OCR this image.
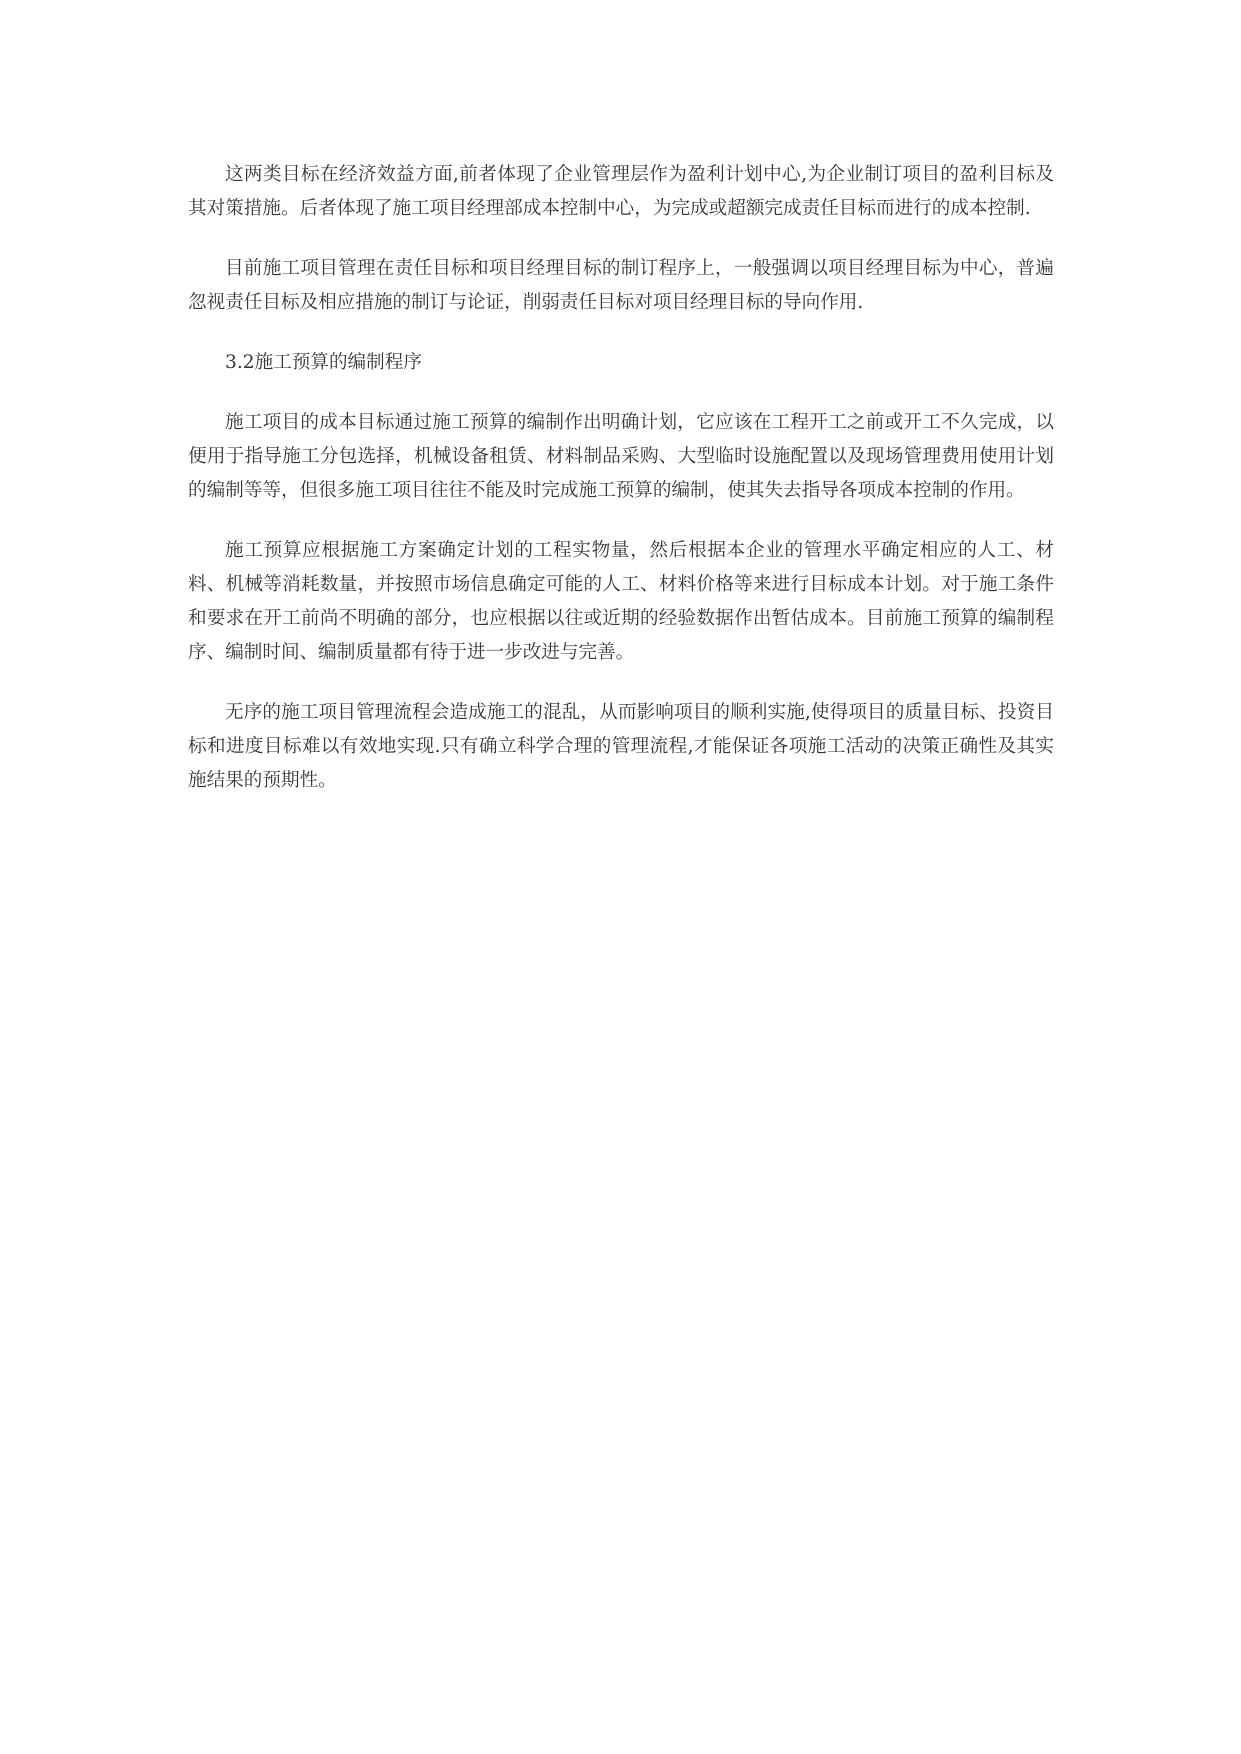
这两类目标在经济效益方面,前者体现了企业管理层作为盈利计划中心,为企业制订项目的盈利目标及其对策措施。后者体现了施工项目经理部成本控制中心，为完成或超额完成责任目标而进行的成本控制.

目前施工项目管理在责任目标和项目经理目标的制订程序上，一般强调以项目经理目标为中心，普遍忽视责任目标及相应措施的制订与论证，削弱责任目标对项目经理目标的导向作用.

3.2施工预算的编制程序

施工项目的成本目标通过施工预算的编制作出明确计划，它应该在工程开工之前或开工不久完成，以便用于指导施工分包选择，机械设备租赁、材料制品采购、大型临时设施配置以及现场管理费用使用计划的编制等等，但很多施工项目往往不能及时完成施工预算的编制，使其失去指导各项成本控制的作用。

施工预算应根据施工方案确定计划的工程实物量，然后根据本企业的管理水平确定相应的人工、材料、机械等消耗数量，并按照市场信息确定可能的人工、材料价格等来进行目标成本计划。对于施工条件和要求在开工前尚不明确的部分，也应根据以往或近期的经验数据作出暂估成本。目前施工预算的编制程序、编制时间、编制质量都有待于进一步改进与完善。

无序的施工项目管理流程会造成施工的混乱，从而影响项目的顺利实施,使得项目的质量目标、投资目标和进度目标难以有效地实现.只有确立科学合理的管理流程,才能保证各项施工活动的决策正确性及其实施结果的预期性。
